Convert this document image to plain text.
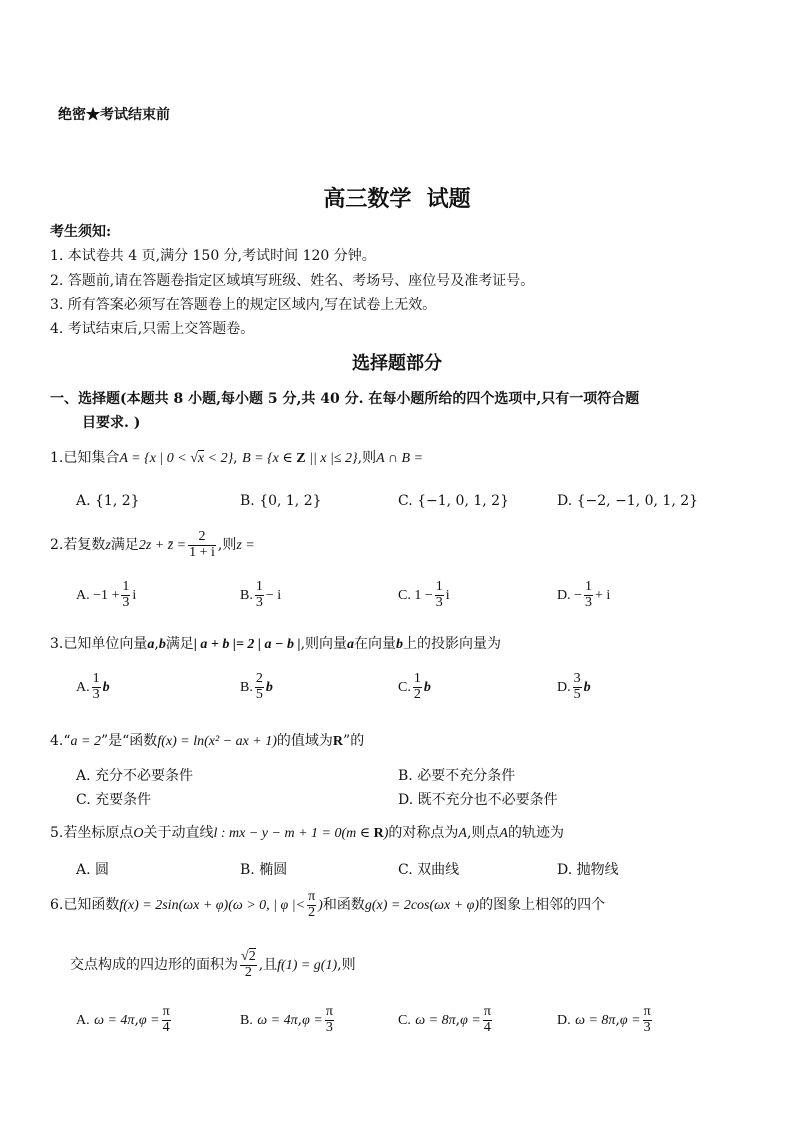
绝密★考试结束前
高三数学  试题
考生须知:
1. 本试卷共 4 页,满分 150 分,考试时间 120 分钟。
2. 答题前,请在答题卷指定区域填写班级、姓名、考场号、座位号及准考证号。
3. 所有答案必须写在答题卷上的规定区域内,写在试卷上无效。
4. 考试结束后,只需上交答题卷。
选择题部分
一、选择题(本题共 8 小题,每小题 5 分,共 40 分. 在每小题所给的四个选项中,只有一项符合题
目要求. )
1.已知集合A = {x | 0 < √x < 2}, B = {x ∈ Z || x |≤ 2},则A ∩ B =
A. {1, 2}	B. {0, 1, 2}	C. {−1, 0, 1, 2}	D. {−2, −1, 0, 1, 2}
2.若复数z满足2z + z̄ = $\frac{2}{1 + i}$ ,则z =
A. $-1 + \frac{1}{3}$ i	B. $\frac{1}{3} - i$	C. $1 - \frac{1}{3}$ i	D. − $\frac{1}{3} + i$
3.已知单位向量a,b满足| a + b |= 2 | a − b |,则向量a在向量b上的投影向量为
A. $\frac{1}{3}$ b	B. $\frac{2}{5}$ b	C. $\frac{1}{2}$ b	D. $\frac{3}{5}$ b
4.“a = 2”是“函数f(x) = ln(x² − ax + 1)的值域为R”的
A. 充分不必要条件	B. 必要不充分条件
C. 充要条件	D. 既不充分也不必要条件
5.若坐标原点O关于动直线l : mx − y − m + 1 = 0(m ∈ R)的对称点为A,则点A的轨迹为
A. 圆	B. 椭圆	C. 双曲线	D. 抛物线
6.已知函数f(x) = 2sin(ωx + φ)(ω > 0, | φ |< $\frac{\pi}{2}$ )和函数g(x) = 2cos(ωx + φ)的图象上相邻的四个
交点构成的四边形的面积为 $\frac{√2}{2}$ ,且f(1) = g(1),则
A. $\omega = 4\pi,\varphi = \frac{\pi}{4}$	B. $\omega = 4\pi,\varphi = \frac{\pi}{3}$	C. $\omega = 8\pi,\varphi = \frac{\pi}{4}$	D. $\omega = 8\pi,\varphi = \frac{\pi}{3}$
